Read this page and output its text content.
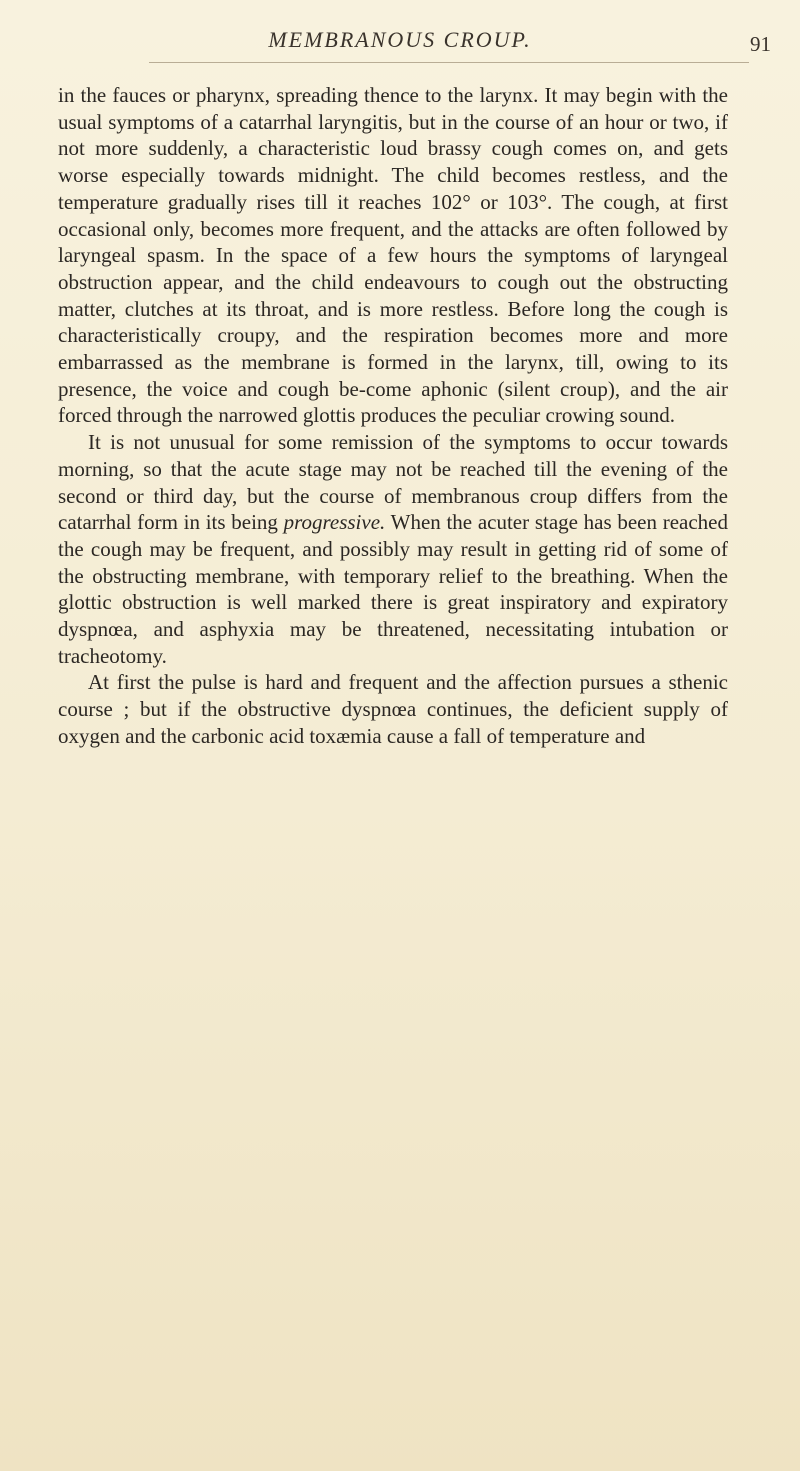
MEMBRANOUS CROUP.	91

in the fauces or pharynx, spreading thence to the larynx. It may begin with the usual symptoms of a catarrhal laryngitis, but in the course of an hour or two, if not more suddenly, a characteristic loud brassy cough comes on, and gets worse especially towards midnight. The child becomes restless, and the temperature gradually rises till it reaches 102° or 103°. The cough, at first occasional only, becomes more frequent, and the attacks are often followed by laryngeal spasm. In the space of a few hours the symptoms of laryngeal obstruction appear, and the child endeavours to cough out the obstructing matter, clutches at its throat, and is more restless. Before long the cough is characteristically croupy, and the respiration becomes more and more embarrassed as the membrane is formed in the larynx, till, owing to its presence, the voice and cough be-come aphonic (silent croup), and the air forced through the narrowed glottis produces the peculiar crowing sound.

It is not unusual for some remission of the symptoms to occur towards morning, so that the acute stage may not be reached till the evening of the second or third day, but the course of membranous croup differs from the catarrhal form in its being progressive. When the acuter stage has been reached the cough may be frequent, and possibly may result in getting rid of some of the obstructing membrane, with temporary relief to the breathing. When the glottic obstruction is well marked there is great inspiratory and expiratory dyspnœa, and asphyxia may be threatened, necessitating intubation or tracheotomy.

At first the pulse is hard and frequent and the affection pursues a sthenic course ; but if the obstructive dyspnœa continues, the deficient supply of oxygen and the carbonic acid toxæmia cause a fall of temperature and
